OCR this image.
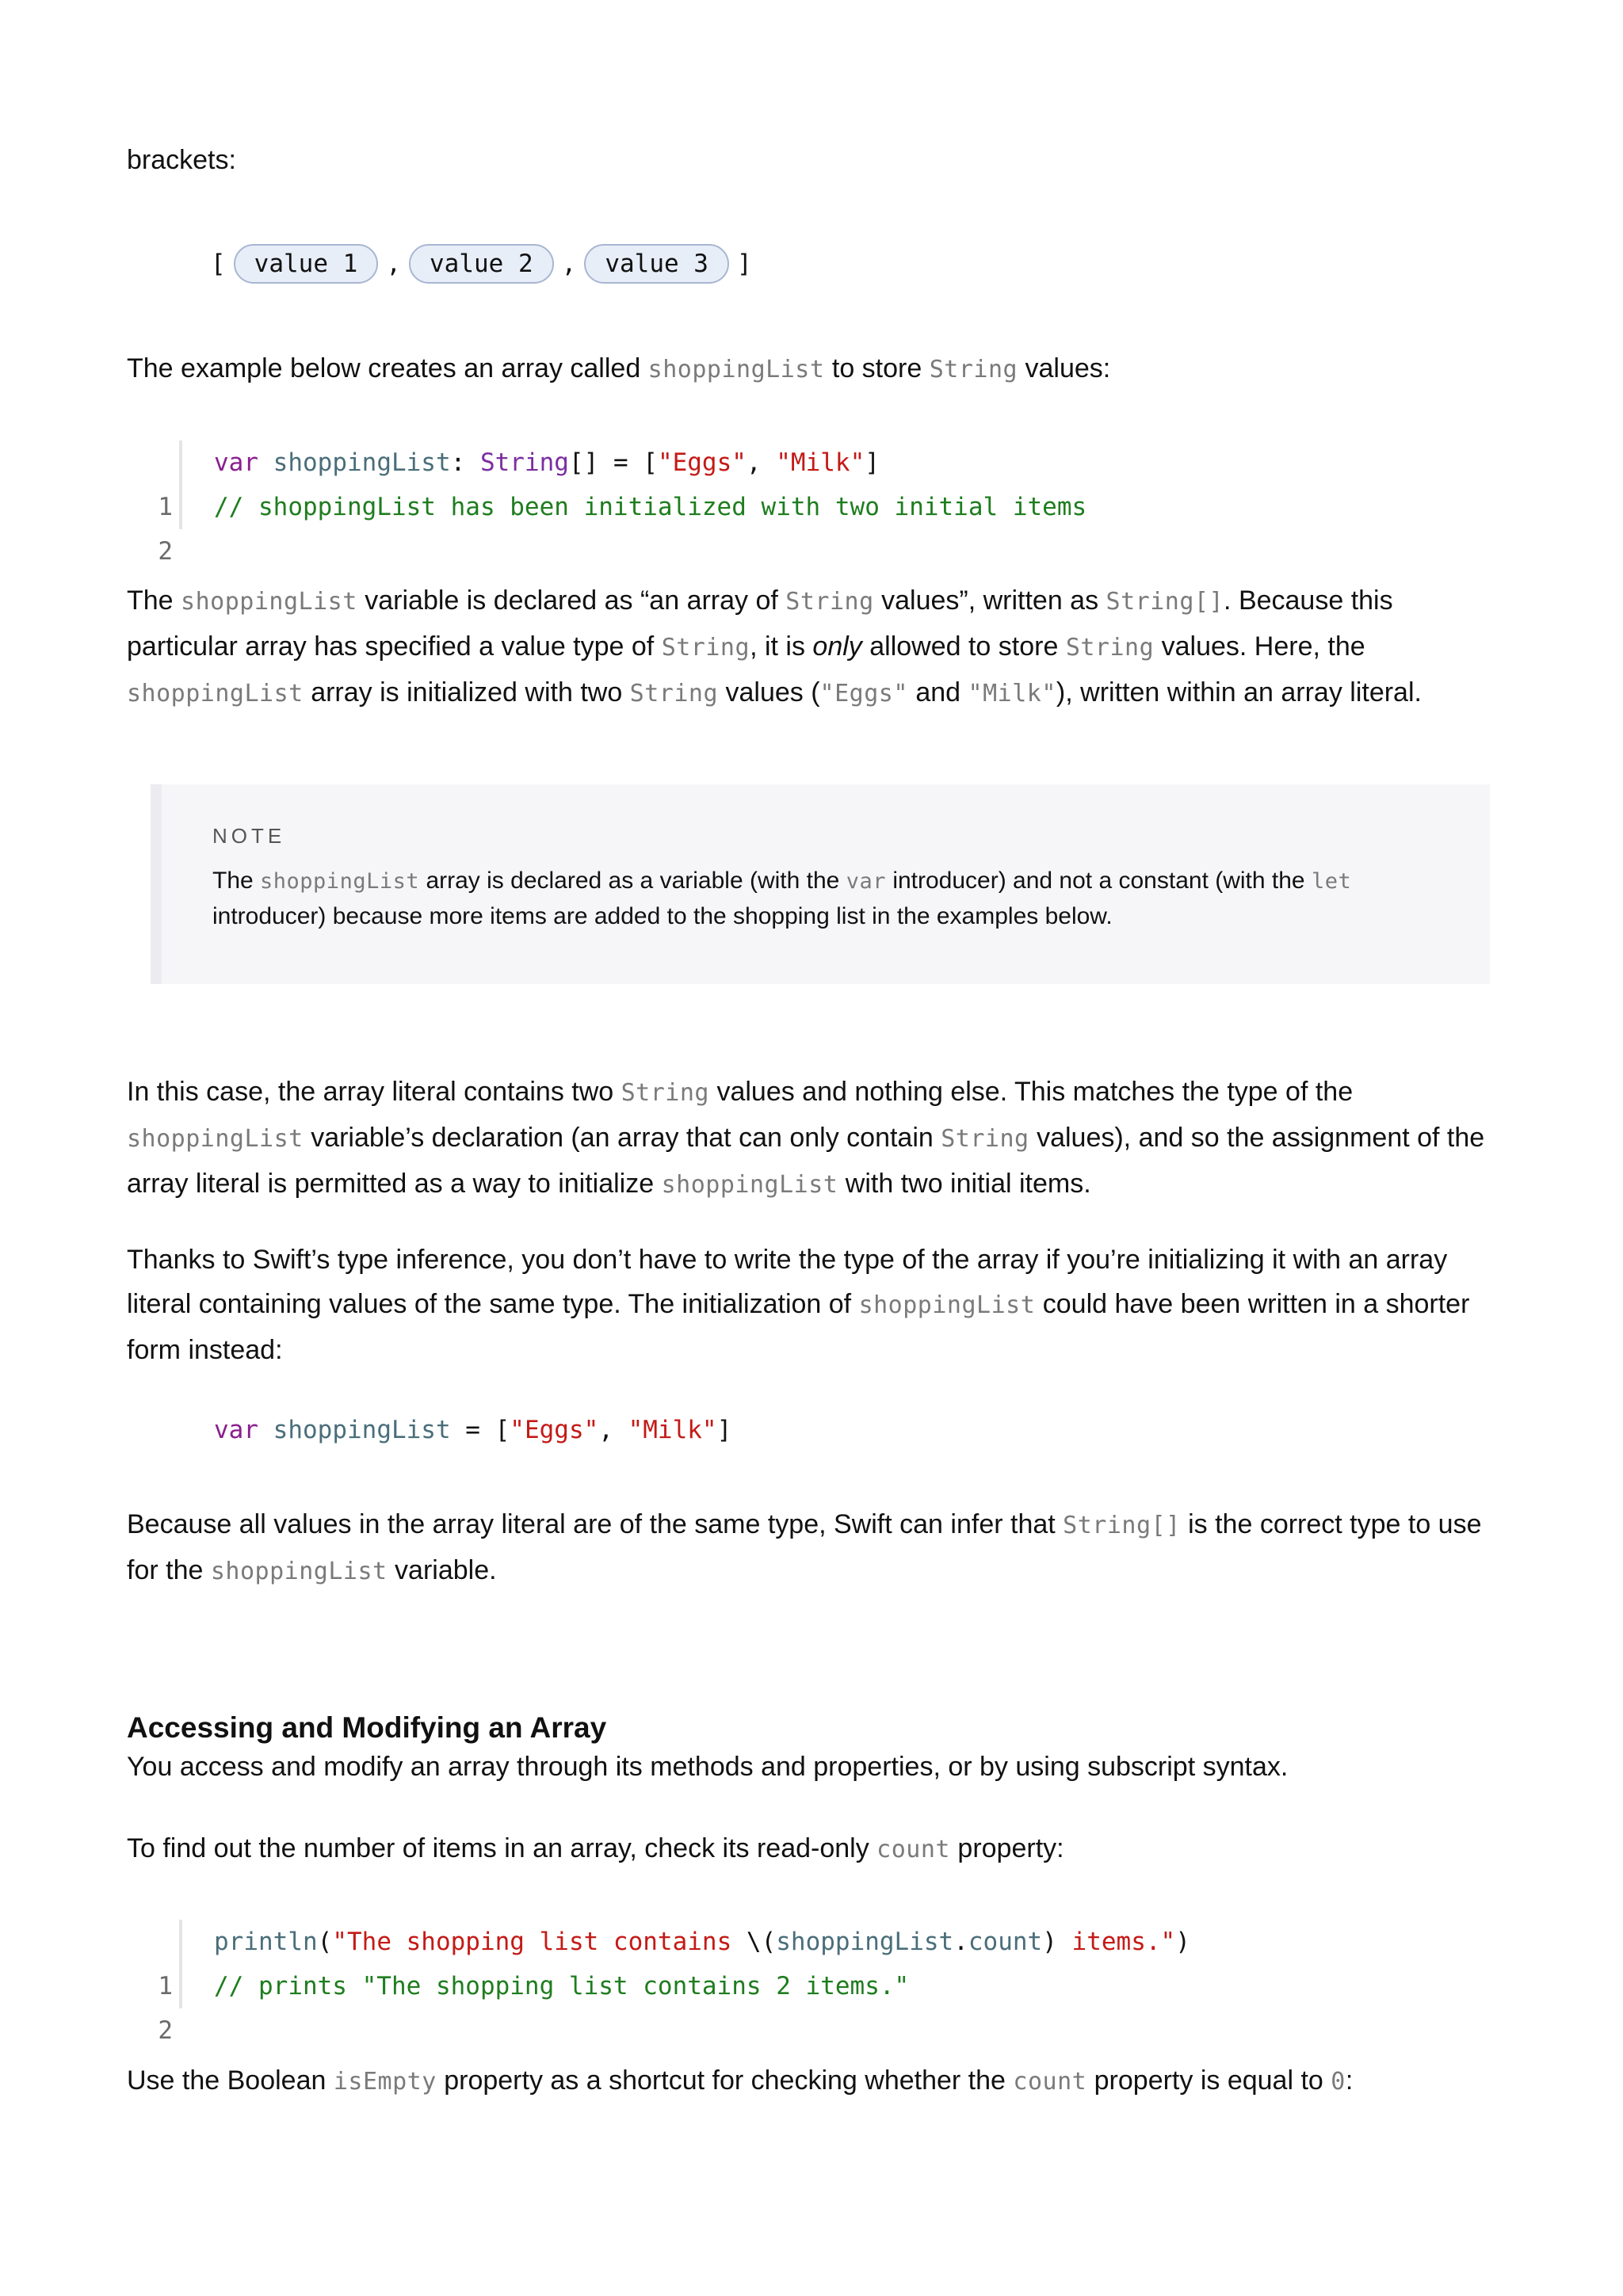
brackets:

[	value 1	,	value 2	,	value 3	]

The example below creates an array called shoppingList to store String values:

1

var shoppingList: String[] = ["Eggs", "Milk"]

2

// shoppingList has been initialized with two initial items

The shoppingList variable is declared as “an array of String values”, written as String[]. Because this particular array has specified a value type of String, it is only allowed to store String values. Here, the shoppingList array is initialized with two String values ("Eggs" and "Milk"), written within an array literal.

NOTE
The shoppingList array is declared as a variable (with the var introducer) and not a constant (with the let introducer) because more items are added to the shopping list in the examples below.

In this case, the array literal contains two String values and nothing else. This matches the type of the shoppingList variable’s declaration (an array that can only contain String values), and so the assignment of the array literal is permitted as a way to initialize shoppingList with two initial items.

Thanks to Swift’s type inference, you don’t have to write the type of the array if you’re initializing it with an array literal containing values of the same type. The initialization of shoppingList could have been written in a shorter form instead:

var shoppingList = ["Eggs", "Milk"]

Because all values in the array literal are of the same type, Swift can infer that String[] is the correct type to use for the shoppingList variable.

Accessing and Modifying an Array

You access and modify an array through its methods and properties, or by using subscript syntax.

To find out the number of items in an array, check its read-only count property:

1

println("The shopping list contains \(shoppingList.count) items.")

2

// prints "The shopping list contains 2 items."

Use the Boolean isEmpty property as a shortcut for checking whether the count property is equal to 0:
